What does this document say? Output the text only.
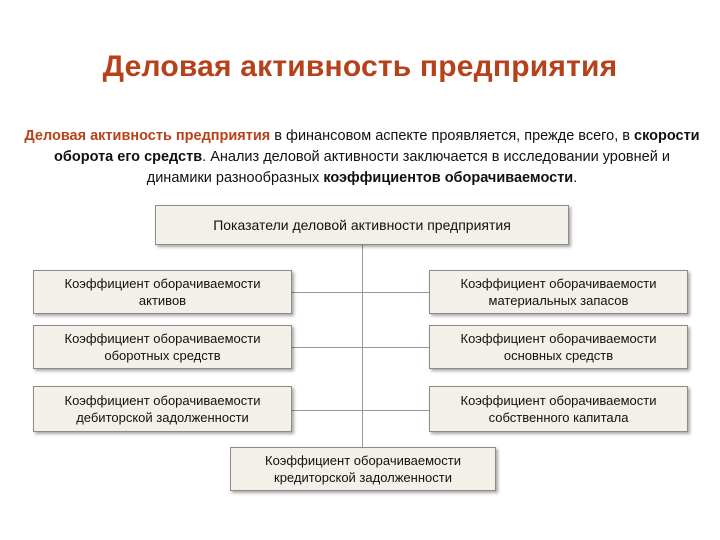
Деловая активность предприятия
Деловая активность предприятия в финансовом аспекте проявляется, прежде всего, в скорости оборота его средств. Анализ деловой активности заключается в исследовании уровней и динамики разнообразных коэффициентов оборачиваемости.
Показатели деловой активности предприятия
Коэффициент оборачиваемости
активов
Коэффициент оборачиваемости
оборотных средств
Коэффициент оборачиваемости
дебиторской задолженности
Коэффициент оборачиваемости
материальных запасов
Коэффициент оборачиваемости
основных средств
Коэффициент оборачиваемости
собственного капитала
Коэффициент оборачиваемости
кредиторской задолженности
